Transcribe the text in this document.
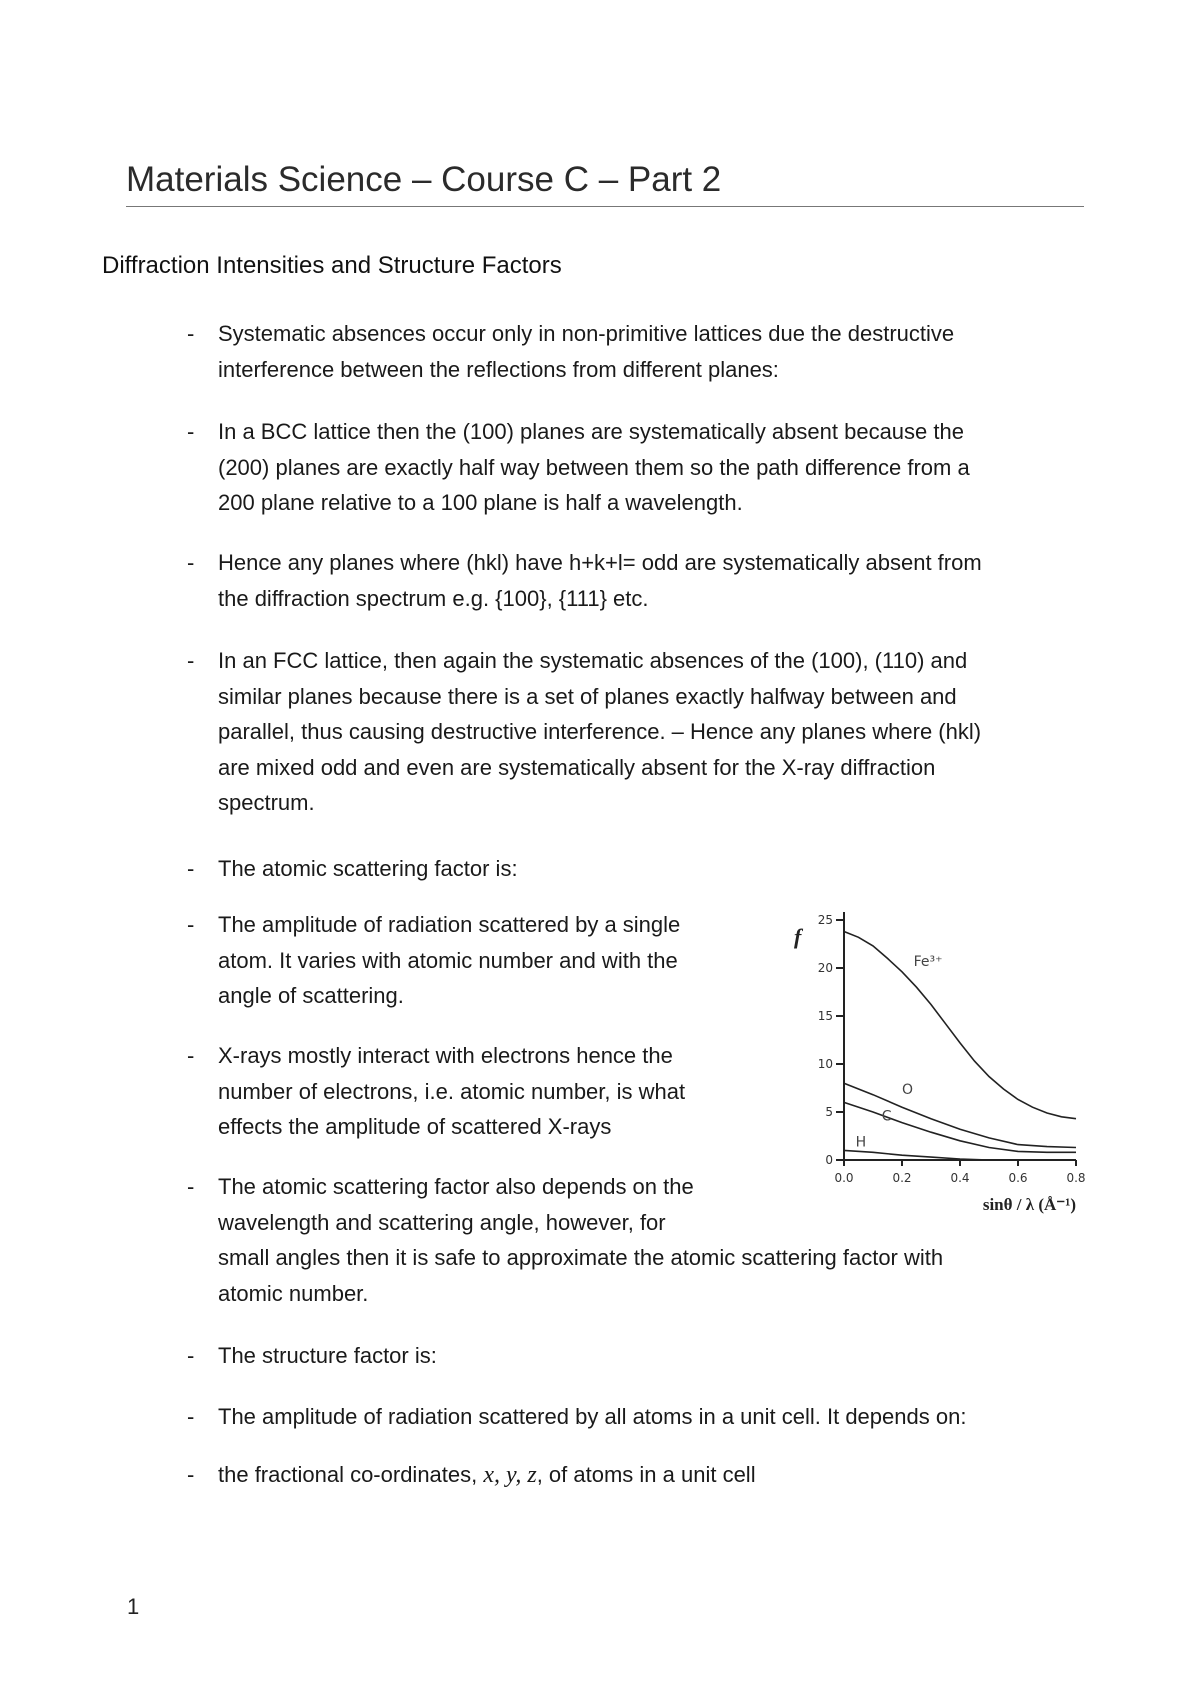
Materials Science – Course C – Part 2
Diffraction Intensities and Structure Factors
- Systematic absences occur only in non-primitive lattices due the destructive
interference between the reflections from different planes:
- In a BCC lattice then the (100) planes are systematically absent because the
(200) planes are exactly half way between them so the path difference from a
200 plane relative to a 100 plane is half a wavelength.
- Hence any planes where (hkl) have h+k+l= odd are systematically absent from
the diffraction spectrum e.g. {100}, {111} etc.
- In an FCC lattice, then again the systematic absences of the (100), (110) and
similar planes because there is a set of planes exactly halfway between and
parallel, thus causing destructive interference. – Hence any planes where (hkl)
are mixed odd and even are systematically absent for the X-ray diffraction
spectrum.
- The atomic scattering factor is:
- The amplitude of radiation scattered by a single
atom. It varies with atomic number and with the
angle of scattering.
- X-rays mostly interact with electrons hence the
number of electrons, i.e. atomic number, is what
effects the amplitude of scattered X-rays
- The atomic scattering factor also depends on the
wavelength and scattering angle, however, for
small angles then it is safe to approximate the atomic scattering factor with
atomic number.
- The structure factor is:
- The amplitude of radiation scattered by all atoms in a unit cell. It depends on:
- the fractional co-ordinates, x, y, z, of atoms in a unit cell
0
5
10
15
20
25
0.0	0.2	0.4	0.6	0.8
f
sinθ / λ (Å⁻¹)
Fe³⁺
O
C
H
1
